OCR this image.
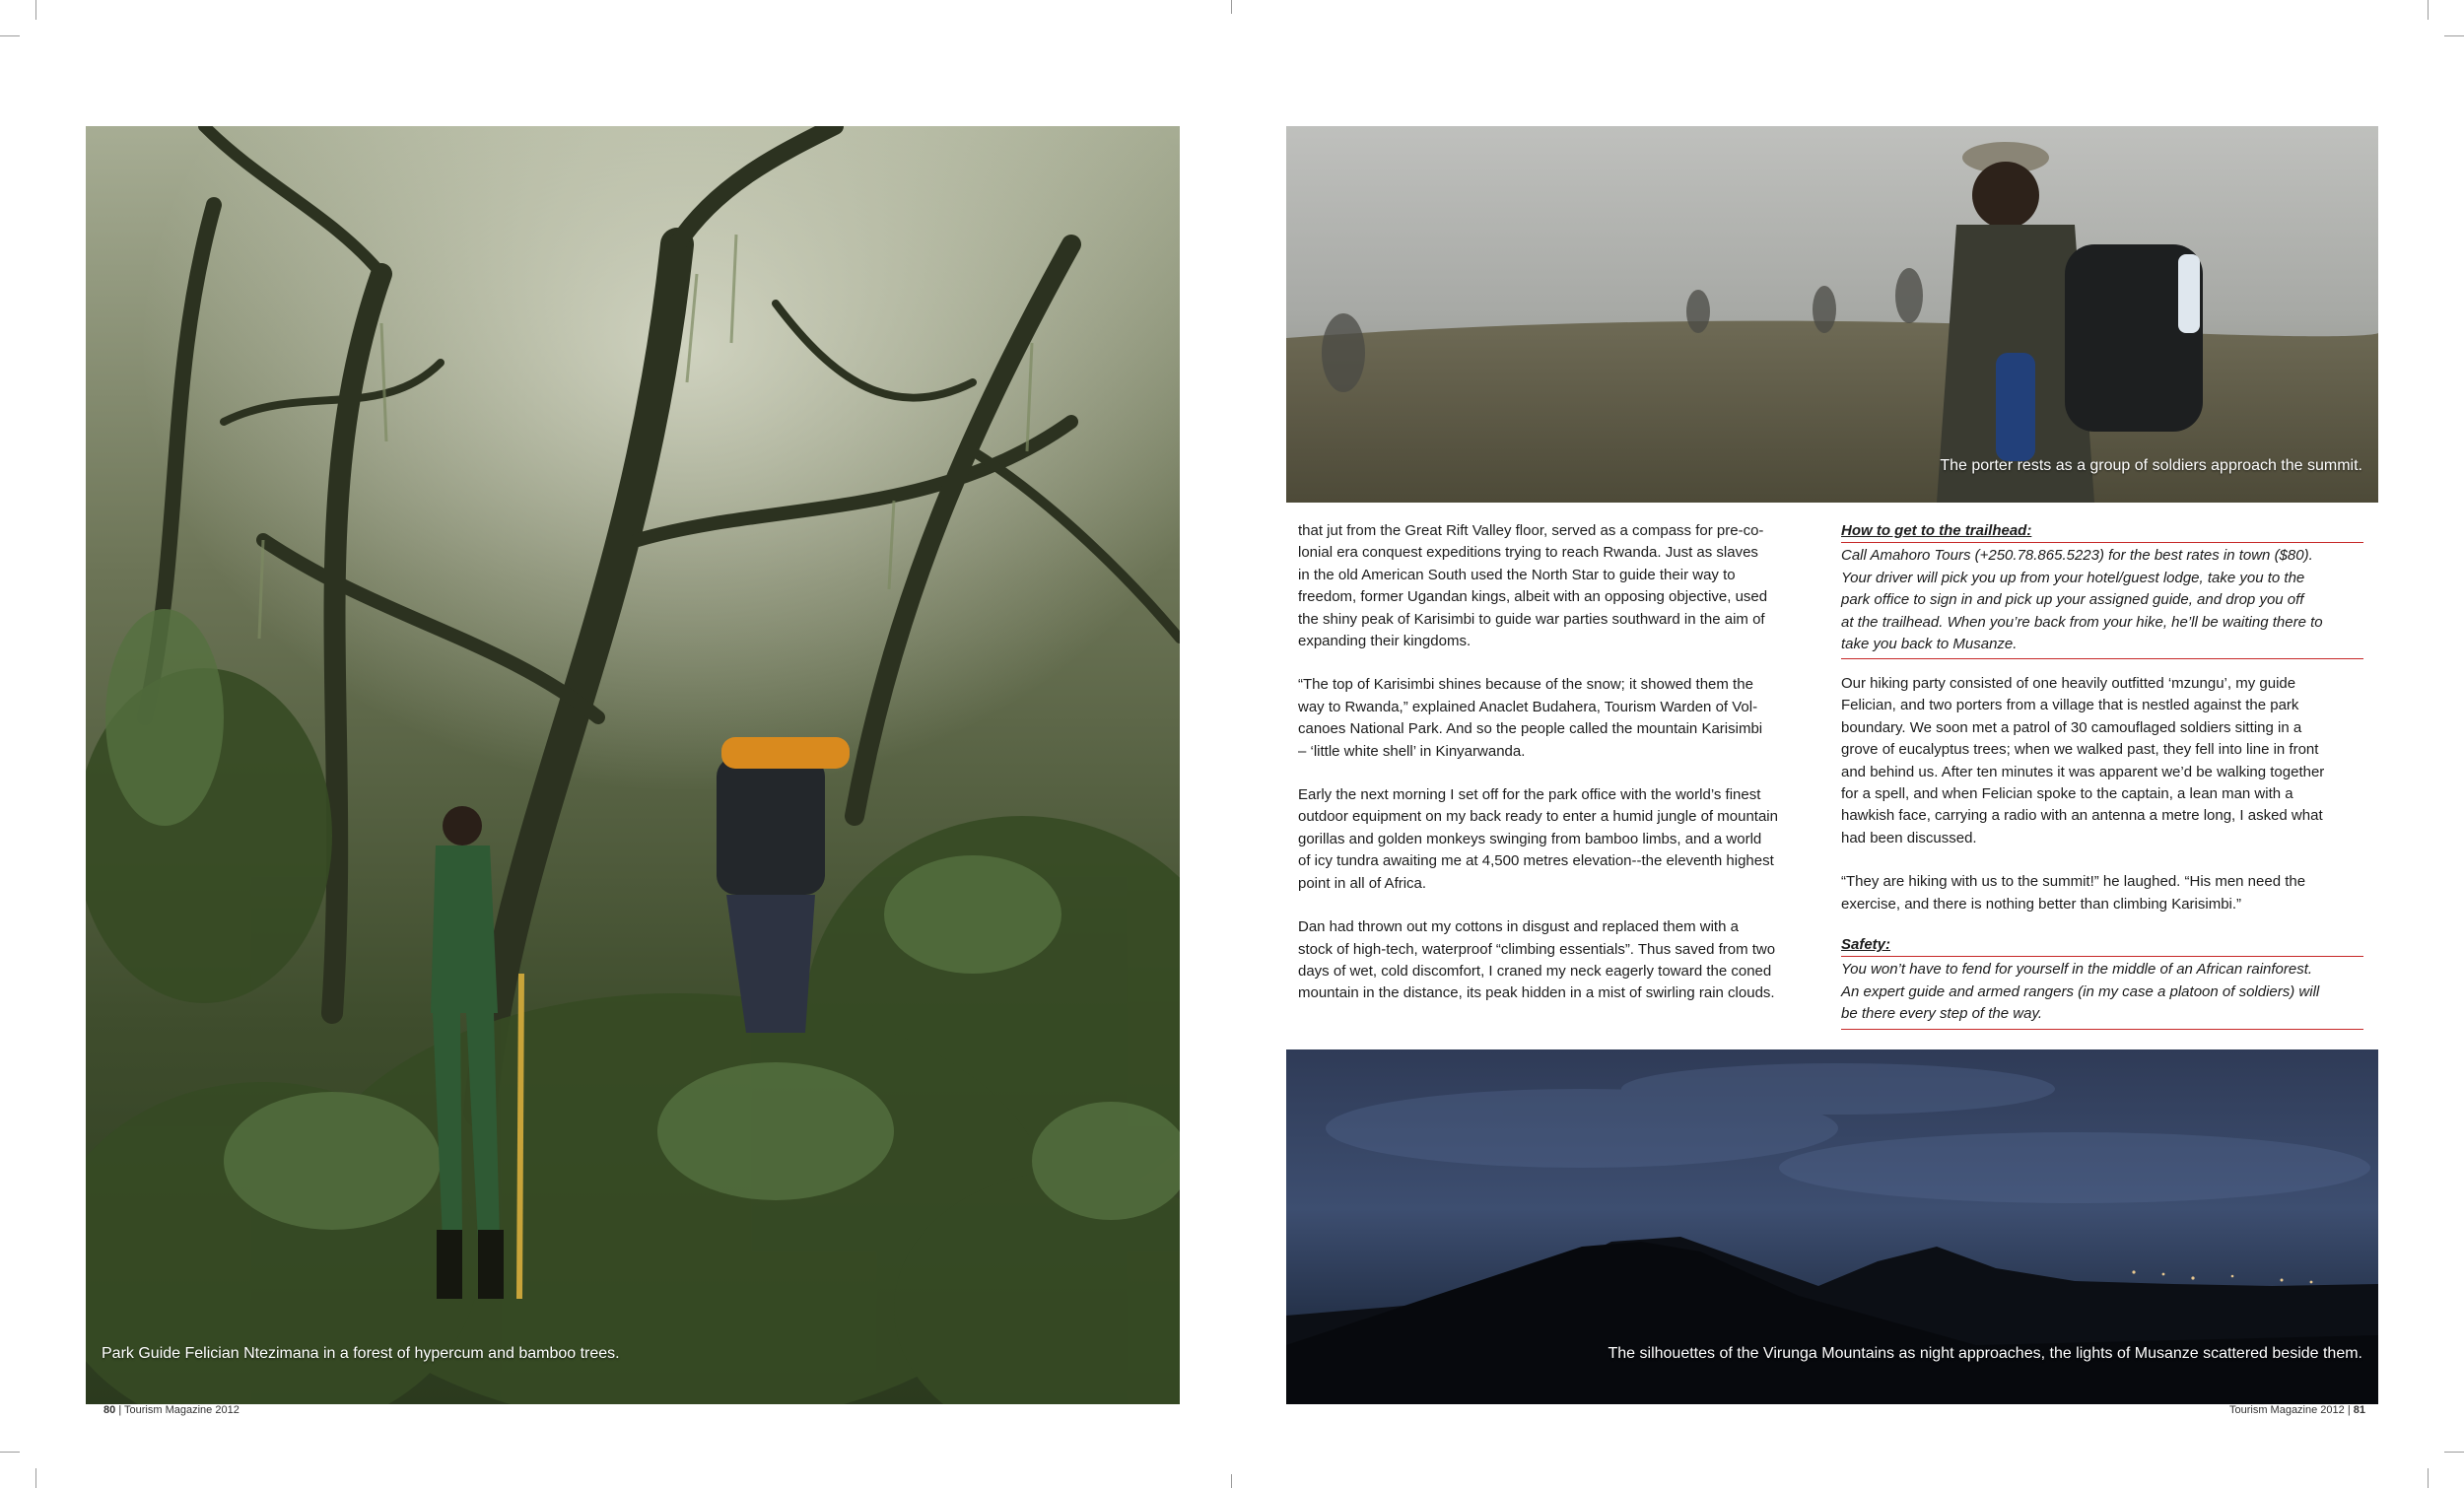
Park Guide Felician Ntezimana in a forest of hypercum and bamboo trees.
80 | Tourism Magazine 2012
The porter rests as a group of soldiers approach the summit.

that jut from the Great Rift Valley floor, served as a compass for pre-co-
lonial era conquest expeditions trying to reach Rwanda. Just as slaves
in the old American South used the North Star to guide their way to
freedom, former Ugandan kings, albeit with an opposing objective, used
the shiny peak of Karisimbi to guide war parties southward in the aim of
expanding their kingdoms.

“The top of Karisimbi shines because of the snow; it showed them the
way to Rwanda,” explained Anaclet Budahera, Tourism Warden of Vol-
canoes National Park. And so the people called the mountain Karisimbi
– ‘little white shell’ in Kinyarwanda.

Early the next morning I set off for the park office with the world’s finest
outdoor equipment on my back ready to enter a humid jungle of mountain
gorillas and golden monkeys swinging from bamboo limbs, and a world
of icy tundra awaiting me at 4,500 metres elevation--the eleventh highest
point in all of Africa.

Dan had thrown out my cottons in disgust and replaced them with a
stock of high-tech, waterproof “climbing essentials”. Thus saved from two
days of wet, cold discomfort, I craned my neck eagerly toward the coned
mountain in the distance, its peak hidden in a mist of swirling rain clouds.

How to get to the trailhead:
Call Amahoro Tours (+250.78.865.5223) for the best rates in town ($80).
Your driver will pick you up from your hotel/guest lodge, take you to the
park office to sign in and pick up your assigned guide, and drop you off
at the trailhead. When you’re back from your hike, he’ll be waiting there to
take you back to Musanze.

Our hiking party consisted of one heavily outfitted ‘mzungu’, my guide
Felician, and two porters from a village that is nestled against the park
boundary. We soon met a patrol of 30 camouflaged soldiers sitting in a
grove of eucalyptus trees; when we walked past, they fell into line in front
and behind us. After ten minutes it was apparent we’d be walking together
for a spell, and when Felician spoke to the captain, a lean man with a
hawkish face, carrying a radio with an antenna a metre long, I asked what
had been discussed.

“They are hiking with us to the summit!” he laughed. “His men need the
exercise, and there is nothing better than climbing Karisimbi.”

Safety:
You won’t have to fend for yourself in the middle of an African rainforest.
An expert guide and armed rangers (in my case a platoon of soldiers) will
be there every step of the way.
The silhouettes of the Virunga Mountains as night approaches, the lights of Musanze scattered beside them.
Tourism Magazine 2012 | 81
